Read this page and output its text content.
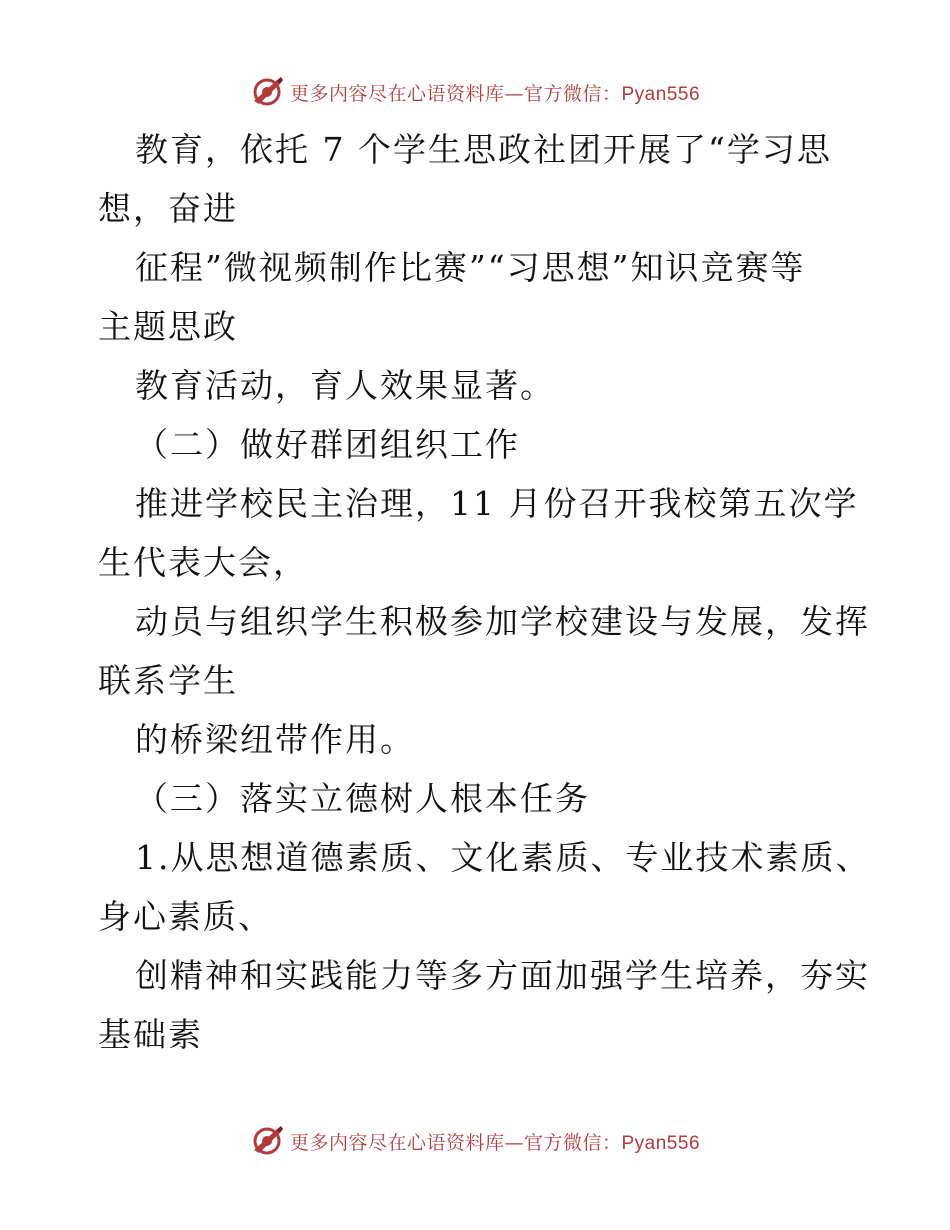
更多内容尽在心语资料库—官方微信：Pyan556
教育，依托 7 个学生思政社团开展了“学习思
想，奋进
征程”微视频制作比赛”“习思想”知识竞赛等
主题思政
教育活动，育人效果显著。
（二）做好群团组织工作
推进学校民主治理，11 月份召开我校第五次学
生代表大会，
动员与组织学生积极参加学校建设与发展，发挥
联系学生
的桥梁纽带作用。
（三）落实立德树人根本任务
1.从思想道德素质、文化素质、专业技术素质、
身心素质、
创精神和实践能力等多方面加强学生培养，夯实
基础素
更多内容尽在心语资料库—官方微信：Pyan556
